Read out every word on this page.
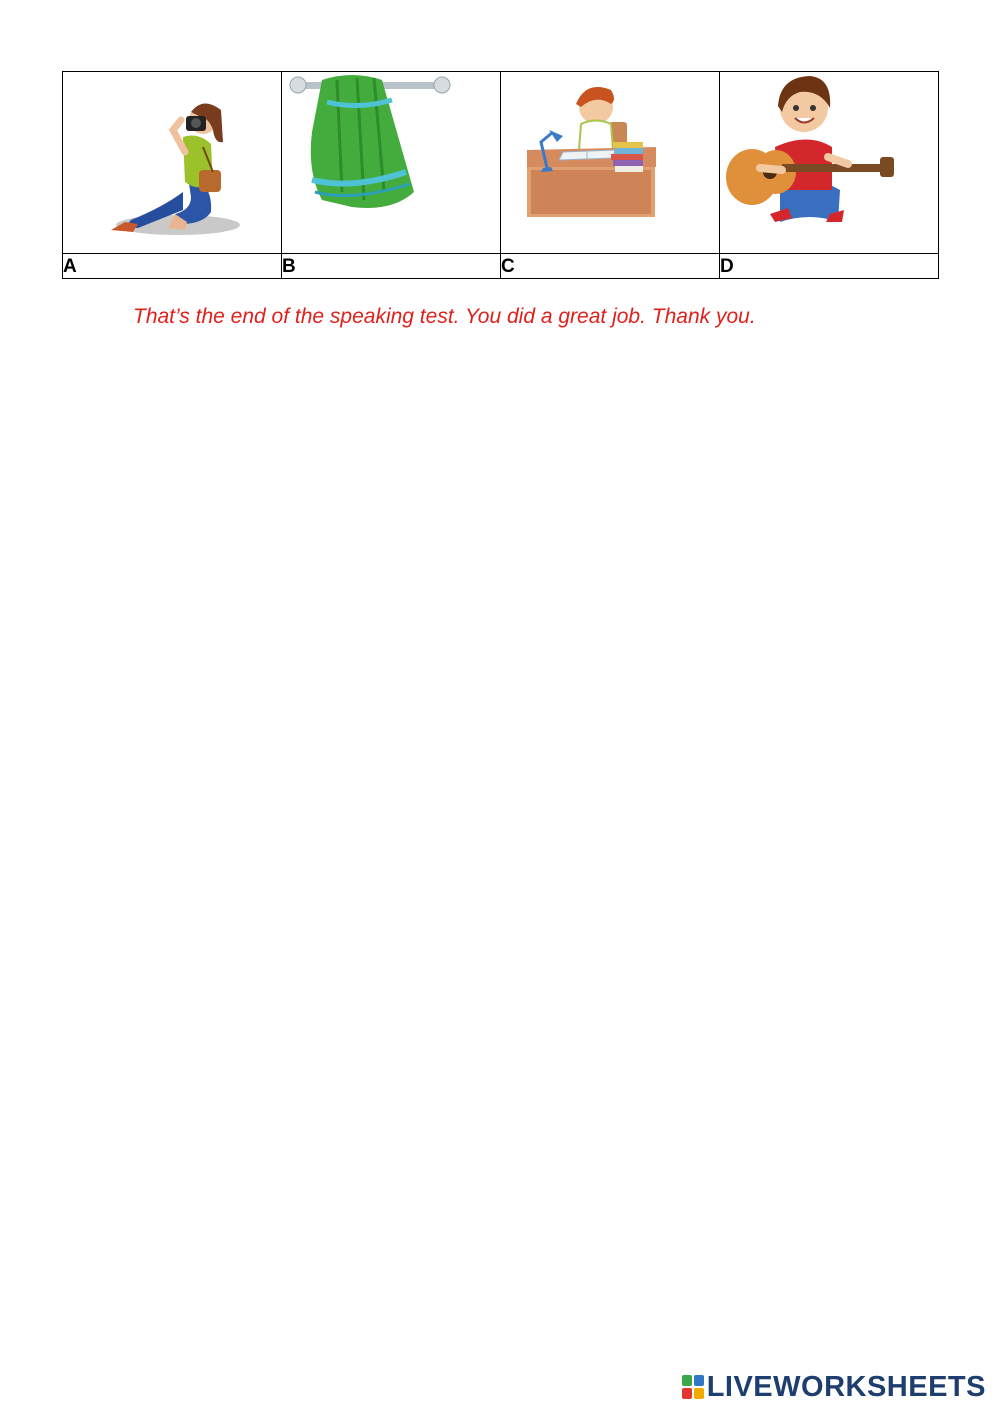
A	B	C	D
That’s the end of the speaking test. You did a great job. Thank you.
LIVEWORKSHEETS
